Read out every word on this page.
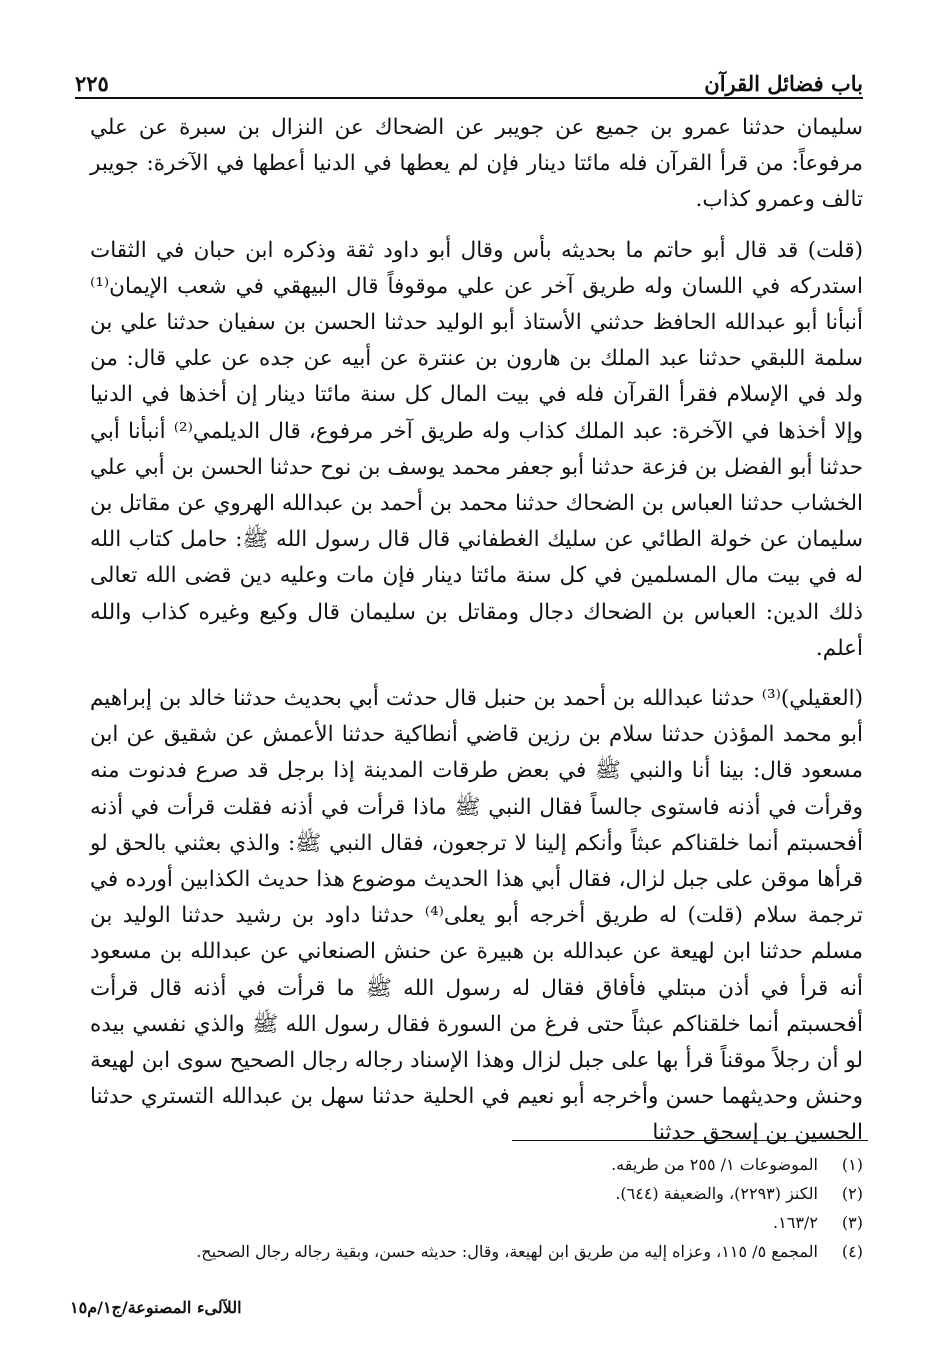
باب فضائل القرآن
٢٢٥

سليمان حدثنا عمرو بن جميع عن جويبر عن الضحاك عن النزال بن سبرة عن علي مرفوعاً: من قرأ القرآن فله مائتا دينار فإن لم يعطها في الدنيا أعطها في الآخرة: جويبر تالف وعمرو كذاب.

(قلت) قد قال أبو حاتم ما بحديثه بأس وقال أبو داود ثقة وذكره ابن حبان في الثقات استدركه في اللسان وله طريق آخر عن علي موقوفاً قال البيهقي في شعب الإيمان⁽¹⁾ أنبأنا أبو عبدالله الحافظ حدثني الأستاذ أبو الوليد حدثنا الحسن بن سفيان حدثنا علي بن سلمة اللبقي حدثنا عبد الملك بن هارون بن عنترة عن أبيه عن جده عن علي قال: من ولد في الإسلام فقرأ القرآن فله في بيت المال كل سنة مائتا دينار إن أخذها في الدنيا وإلا أخذها في الآخرة: عبد الملك كذاب وله طريق آخر مرفوع، قال الديلمي⁽²⁾ أنبأنا أبي حدثنا أبو الفضل بن فزعة حدثنا أبو جعفر محمد يوسف بن نوح حدثنا الحسن بن أبي علي الخشاب حدثنا العباس بن الضحاك حدثنا محمد بن أحمد بن عبدالله الهروي عن مقاتل بن سليمان عن خولة الطائي عن سليك الغطفاني قال قال رسول الله ﷺ: حامل كتاب الله له في بيت مال المسلمين في كل سنة مائتا دينار فإن مات وعليه دين قضى الله تعالى ذلك الدين: العباس بن الضحاك دجال ومقاتل بن سليمان قال وكيع وغيره كذاب والله أعلم.

(العقيلي)⁽³⁾ حدثنا عبدالله بن أحمد بن حنبل قال حدثت أبي بحديث حدثنا خالد بن إبراهيم أبو محمد المؤذن حدثنا سلام بن رزين قاضي أنطاكية حدثنا الأعمش عن شقيق عن ابن مسعود قال: بينا أنا والنبي ﷺ في بعض طرقات المدينة إذا برجل قد صرع فدنوت منه وقرأت في أذنه فاستوى جالساً فقال النبي ﷺ ماذا قرأت في أذنه فقلت قرأت في أذنه أفحسبتم أنما خلقناكم عبثاً وأنكم إلينا لا ترجعون، فقال النبي ﷺ: والذي بعثني بالحق لو قرأها موقن على جبل لزال، فقال أبي هذا الحديث موضوع هذا حديث الكذابين أورده في ترجمة سلام (قلت) له طريق أخرجه أبو يعلى⁽⁴⁾ حدثنا داود بن رشيد حدثنا الوليد بن مسلم حدثنا ابن لهيعة عن عبدالله بن هبيرة عن حنش الصنعاني عن عبدالله بن مسعود أنه قرأ في أذن مبتلي فأفاق فقال له رسول الله ﷺ ما قرأت في أذنه قال قرأت أفحسبتم أنما خلقناكم عبثاً حتى فرغ من السورة فقال رسول الله ﷺ والذي نفسي بيده لو أن رجلاً موقناً قرأ بها على جبل لزال وهذا الإسناد رجاله رجال الصحيح سوى ابن لهيعة وحنش وحديثهما حسن وأخرجه أبو نعيم في الحلية حدثنا سهل بن عبدالله التستري حدثنا الحسين بن إسحق حدثنا

(١) الموضوعات ١/ ٢٥٥ من طريقه.

(٢) الكنز (٢٢٩٣)، والضعيفة (٦٤٤).

(٣) ١٦٣/٢.

(٤) المجمع ٥/ ١١٥، وعزاه إليه من طريق ابن لهيعة، وقال: حديثه حسن، وبقية رجاله رجال الصحيح.

اللآلىء المصنوعة/ج١/م١٥
